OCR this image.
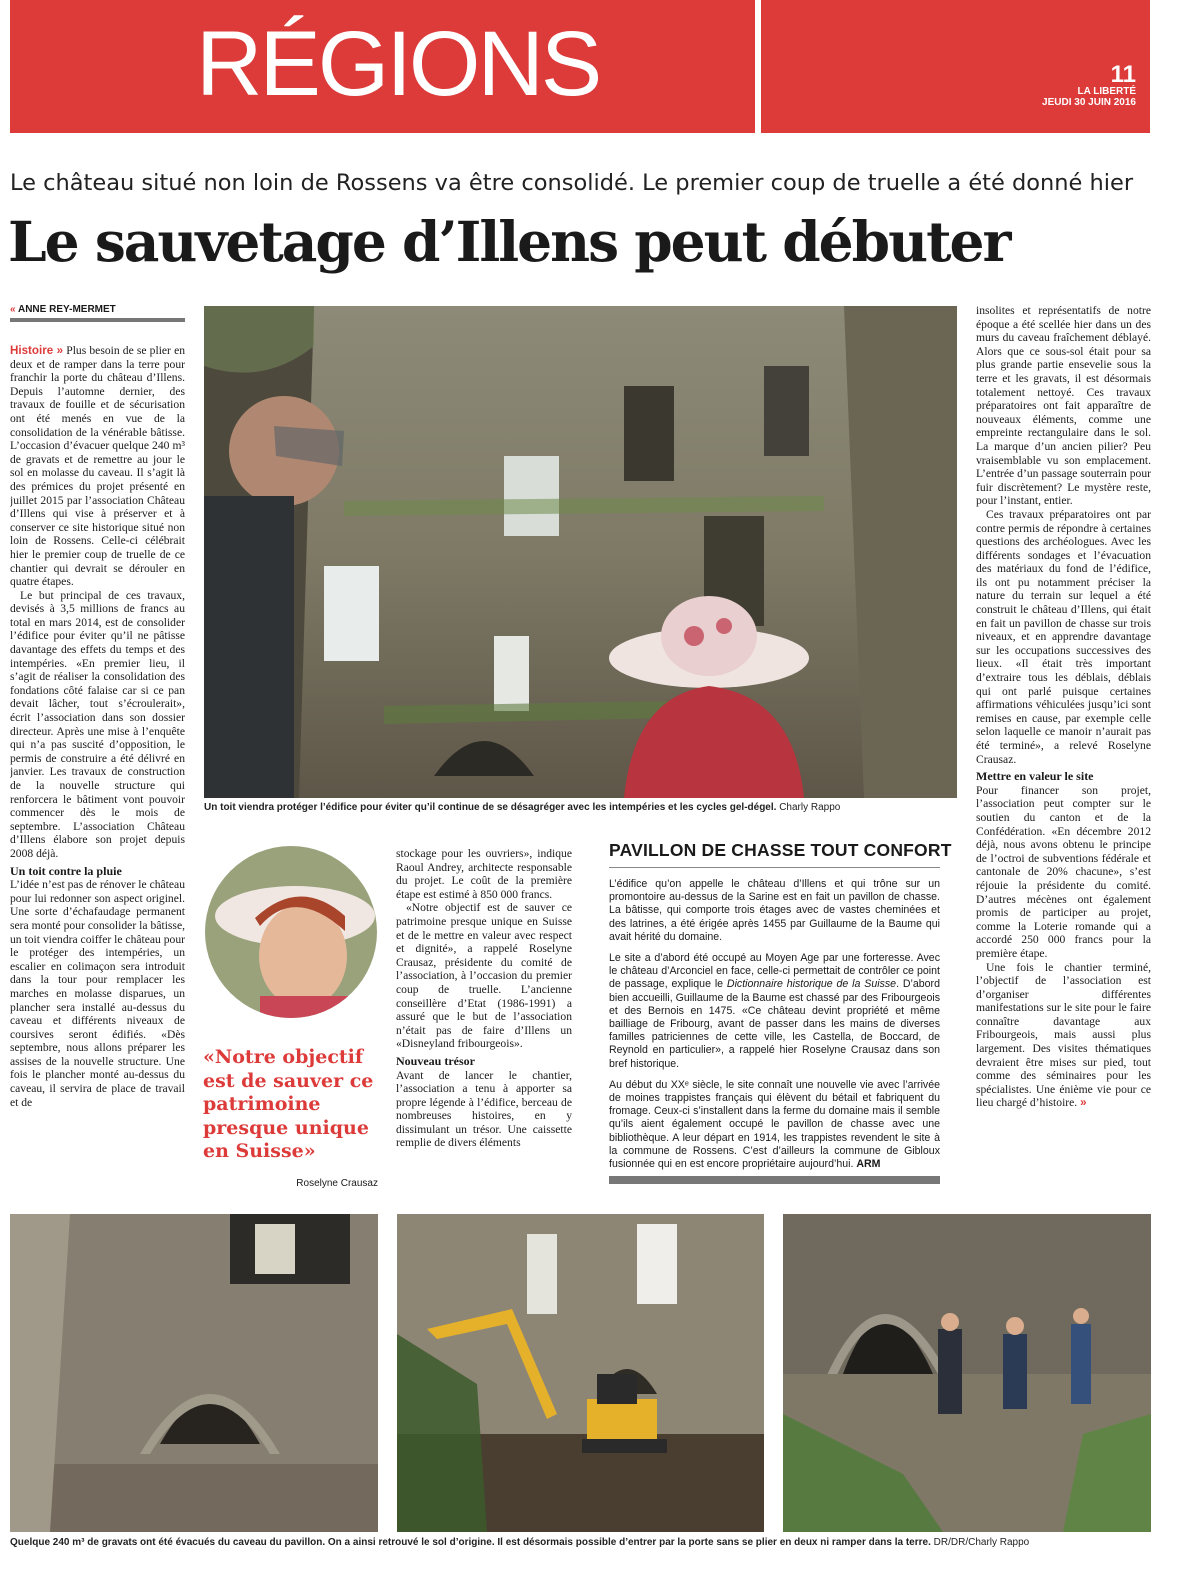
RÉGIONS	11
LA LIBERTÉ
JEUDI 30 JUIN 2016
Le château situé non loin de Rossens va être consolidé. Le premier coup de truelle a été donné hier
Le sauvetage d’Illens peut débuter
« ANNE REY-MERMET

Histoire » Plus besoin de se plier en deux et de ramper dans la terre pour franchir la porte du château d’Illens. Depuis l’automne dernier, des travaux de fouille et de sécurisation ont été menés en vue de la consolidation de la vénérable bâtisse. L’occasion d’évacuer quelque 240 m³ de gravats et de remettre au jour le sol en molasse du caveau. Il s’agit là des prémices du projet présenté en juillet 2015 par l’association Château d’Illens qui vise à préserver et à conserver ce site historique situé non loin de Rossens. Celle-ci célébrait hier le premier coup de truelle de ce chantier qui devrait se dérouler en quatre étapes.

Le but principal de ces travaux, devisés à 3,5 millions de francs au total en mars 2014, est de consolider l’édifice pour éviter qu’il ne pâtisse davantage des effets du temps et des intempéries. «En premier lieu, il s’agit de réaliser la consolidation des fondations côté falaise car si ce pan devait lâcher, tout s’écroulerait», écrit l’association dans son dossier directeur. Après une mise à l’enquête qui n’a pas suscité d’opposition, le permis de construire a été délivré en janvier. Les travaux de construction de la nouvelle structure qui renforcera le bâtiment vont pouvoir commencer dès le mois de septembre. L’association Château d’Illens élabore son projet depuis 2008 déjà.

Un toit contre la pluie

L’idée n’est pas de rénover le château pour lui redonner son aspect originel. Une sorte d’échafaudage permanent sera monté pour consolider la bâtisse, un toit viendra coiffer le château pour le protéger des intempéries, un escalier en colimaçon sera introduit dans la tour pour remplacer les marches en molasse disparues, un plancher sera installé au-dessus du caveau et différents niveaux de coursives seront édifiés. «Dès septembre, nous allons préparer les assises de la nouvelle structure. Une fois le plancher monté au-dessus du caveau, il servira de place de travail et de

Un toit viendra protéger l’édifice pour éviter qu’il continue de se désagréger avec les intempéries et les cycles gel-dégel. Charly Rappo
«Notre objectif est de sauver ce patrimoine presque unique en Suisse»
Roselyne Crausaz

stockage pour les ouvriers», indique Raoul Andrey, architecte responsable du projet. Le coût de la première étape est estimé à 850 000 francs.

«Notre objectif est de sauver ce patrimoine presque unique en Suisse et de le mettre en valeur avec respect et dignité», a rappelé Roselyne Crausaz, présidente du comité de l’association, à l’occasion du premier coup de truelle. L’ancienne conseillère d’Etat (1986-1991) a assuré que le but de l’association n’était pas de faire d’Illens un «Disneyland fribourgeois».

Nouveau trésor

Avant de lancer le chantier, l’association a tenu à apporter sa propre légende à l’édifice, berceau de nombreuses histoires, en y dissimulant un trésor. Une caissette remplie de divers éléments

PAVILLON DE CHASSE TOUT CONFORT

L’édifice qu’on appelle le château d’Illens et qui trône sur un promontoire au-dessus de la Sarine est en fait un pavillon de chasse. La bâtisse, qui comporte trois étages avec de vastes cheminées et des latrines, a été érigée après 1455 par Guillaume de la Baume qui avait hérité du domaine.

Le site a d’abord été occupé au Moyen Age par une forteresse. Avec le château d’Arconciel en face, celle-ci permettait de contrôler ce point de passage, explique le Dictionnaire historique de la Suisse. D’abord bien accueilli, Guillaume de la Baume est chassé par des Fribourgeois et des Bernois en 1475. «Ce château devint propriété et même bailliage de Fribourg, avant de passer dans les mains de diverses familles patriciennes de cette ville, les Castella, de Boccard, de Reynold en particulier», a rappelé hier Roselyne Crausaz dans son bref historique.

Au début du XXᵉ siècle, le site connaît une nouvelle vie avec l’arrivée de moines trappistes français qui élèvent du bétail et fabriquent du fromage. Ceux-ci s’installent dans la ferme du domaine mais il semble qu’ils aient également occupé le pavillon de chasse avec une bibliothèque. A leur départ en 1914, les trappistes revendent le site à la commune de Rossens. C’est d’ailleurs la commune de Gibloux fusionnée qui en est encore propriétaire aujourd’hui. ARM

insolites et représentatifs de notre époque a été scellée hier dans un des murs du caveau fraîchement déblayé. Alors que ce sous-sol était pour sa plus grande partie ensevelie sous la terre et les gravats, il est désormais totalement nettoyé. Ces travaux préparatoires ont fait apparaître de nouveaux éléments, comme une empreinte rectangulaire dans le sol. La marque d’un ancien pilier? Peu vraisemblable vu son emplacement. L’entrée d’un passage souterrain pour fuir discrètement? Le mystère reste, pour l’instant, entier.

Ces travaux préparatoires ont par contre permis de répondre à certaines questions des archéologues. Avec les différents sondages et l’évacuation des matériaux du fond de l’édifice, ils ont pu notamment préciser la nature du terrain sur lequel a été construit le château d’Illens, qui était en fait un pavillon de chasse sur trois niveaux, et en apprendre davantage sur les occupations successives des lieux. «Il était très important d’extraire tous les déblais, déblais qui ont parlé puisque certaines affirmations véhiculées jusqu’ici sont remises en cause, par exemple celle selon laquelle ce manoir n’aurait pas été terminé», a relevé Roselyne Crausaz.

Mettre en valeur le site

Pour financer son projet, l’association peut compter sur le soutien du canton et de la Confédération. «En décembre 2012 déjà, nous avons obtenu le principe de l’octroi de subventions fédérale et cantonale de 20% chacune», s’est réjouie la présidente du comité. D’autres mécènes ont également promis de participer au projet, comme la Loterie romande qui a accordé 250 000 francs pour la première étape.

Une fois le chantier terminé, l’objectif de l’association est d’organiser différentes manifestations sur le site pour le faire connaître davantage aux Fribourgeois, mais aussi plus largement. Des visites thématiques devraient être mises sur pied, tout comme des séminaires pour les spécialistes. Une énième vie pour ce lieu chargé d’histoire. »

Quelque 240 m³ de gravats ont été évacués du caveau du pavillon. On a ainsi retrouvé le sol d’origine. Il est désormais possible d’entrer par la porte sans se plier en deux ni ramper dans la terre. DR/DR/Charly Rappo
